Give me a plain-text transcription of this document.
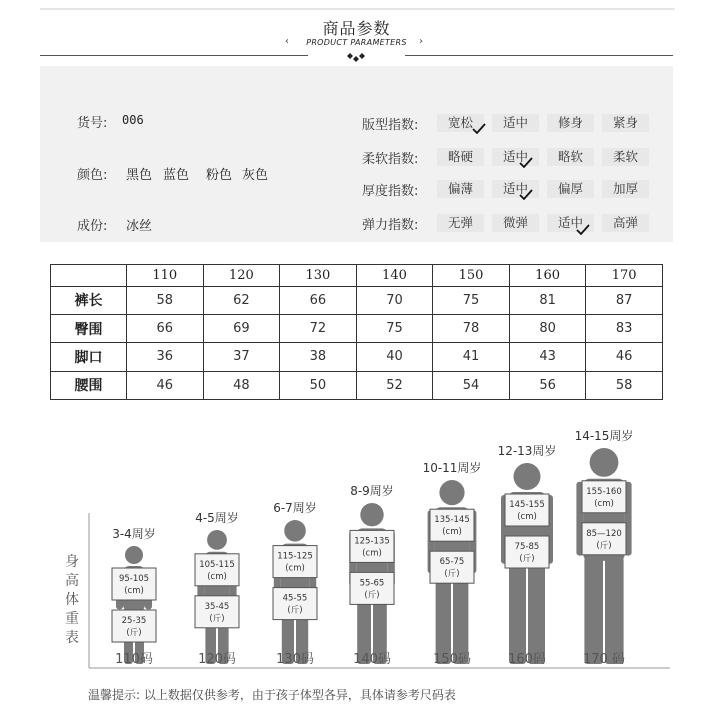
商品参数
‹	PRODUCT PARAMETERS	›
货号: 006
颜色: 黑色 蓝色 粉色 灰色
成份: 冰丝
版型指数:	宽松	适中	修身	紧身
柔软指数:	略硬	适中	略软	柔软
厚度指数:	偏薄	适中	偏厚	加厚
弹力指数:	无弹	微弹	适中	高弹
	110	120	130	140	150	160	170
裤长	58	62	66	70	75	81	87
臀围	66	69	72	75	78	80	83
脚口	36	37	38	40	41	43	46
腰围	46	48	50	52	54	56	58
身
高
体
重
表
3-4周岁
95-105
(cm)
25-35
(斤)
110码
4-5周岁
105-115
(cm)
35-45
(斤)
120码
6-7周岁
115-125
(cm)
45-55
(斤)
130码
8-9周岁
125-135
(cm)
55-65
(斤)
140码
10-11周岁
135-145
(cm)
65-75
(斤)
150码
12-13周岁
145-155
(cm)
75-85
(斤)
160码
14-15周岁
155-160
(cm)
85—120
(斤)
170 码
温馨提示: 以上数据仅供参考，由于孩子体型各异，具体请参考尺码表
